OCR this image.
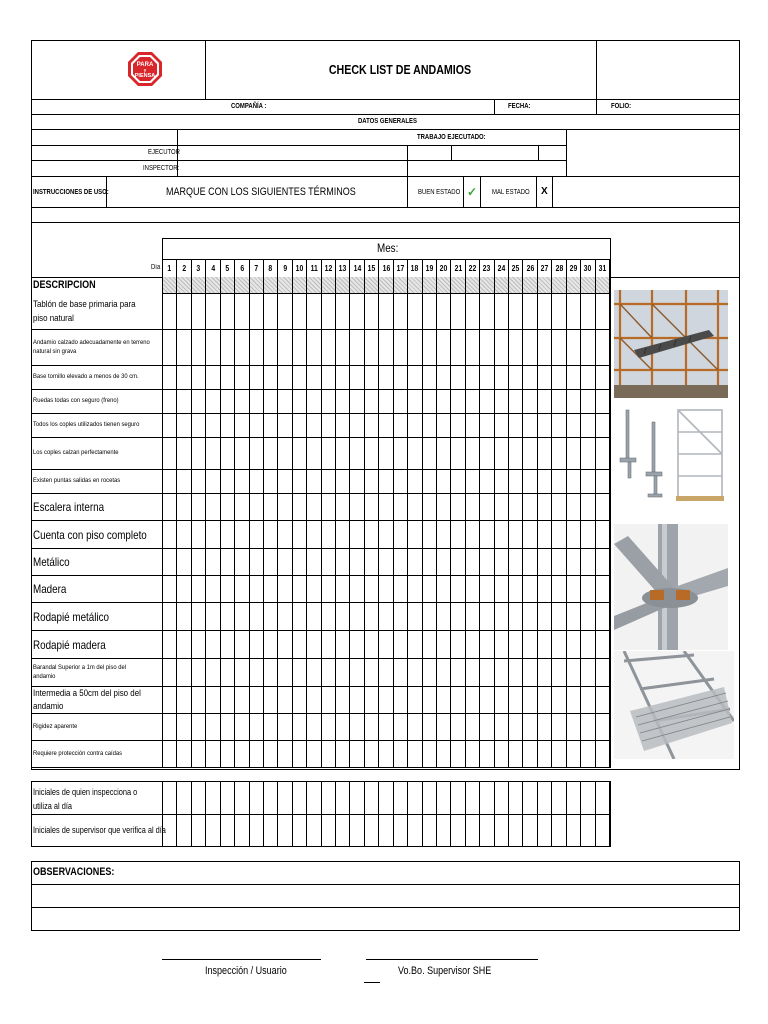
PARA
y
PIENSA	CHECK LIST DE ANDAMIOS
COMPAÑÍA :	FECHA:	FOLIO:
DATOS GENERALES
TRABAJO EJECUTADO:
EJECUTOR
INSPECTOR:
INSTRUCCIONES DE USO:	MARQUE CON LOS SIGUIENTES TÉRMINOS	BUEN ESTADO ✓ MAL ESTADO X
Mes:
Día 1 2 3 4 5 6 7 8 9 10 11 12 13 14 15 16 17 18 19 20 21 22 23 24 25 26 27 28 29 30 31
DESCRIPCION
Tablón de base primaria para piso natural
Andamio calzado adecuadamente en terreno natural sin grava
Base tornillo elevado a menos de 30 cm.
Ruedas todas con seguro (freno)
Todos los coples utilizados tienen seguro
Los coples calzan perfectamente
Existen puntas salidas en rocetas
Escalera interna
Cuenta con piso completo
Metálico
Madera
Rodapié metálico
Rodapié madera
Barandal Superior a 1m del piso del andamio
Intermedia a 50cm del piso del andamio
Rigidez aparente
Requiere protección contra caídas
Iniciales de quien inspecciona o utiliza al día
Iniciales de supervisor que verifica al día
OBSERVACIONES:
Inspección / Usuario	Vo.Bo. Supervisor SHE
